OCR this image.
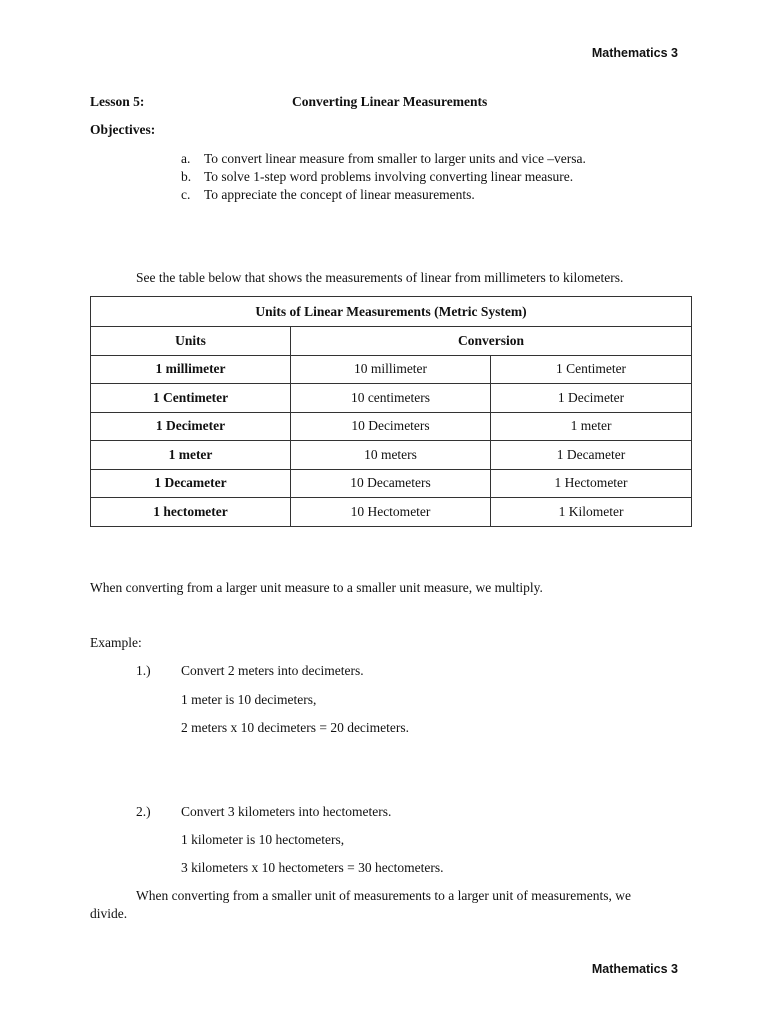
Mathematics 3
Lesson 5:	Converting Linear Measurements
Objectives:
a. To convert linear measure from smaller to larger units and vice –versa.
b. To solve 1-step word problems involving converting linear measure.
c. To appreciate the concept of linear measurements.
See the table below that shows the measurements of linear from millimeters to kilometers.
Units of Linear Measurements (Metric System)		
Units	Conversion	
1 millimeter	10 millimeter	1 Centimeter
1 Centimeter	10 centimeters	1 Decimeter
1 Decimeter	10 Decimeters	1 meter
1 meter	10 meters	1 Decameter
1 Decameter	10 Decameters	1 Hectometer
1 hectometer	10 Hectometer	1 Kilometer
When converting from a larger unit measure to a smaller unit measure, we multiply.
Example:
1.) Convert 2 meters into decimeters.
1 meter is 10 decimeters,
2 meters x 10 decimeters = 20 decimeters.
2.) Convert 3 kilometers into hectometers.
1 kilometer is 10 hectometers,
3 kilometers x 10 hectometers = 30 hectometers.
When converting from a smaller unit of measurements to a larger unit of measurements, we
divide.
Mathematics 3
